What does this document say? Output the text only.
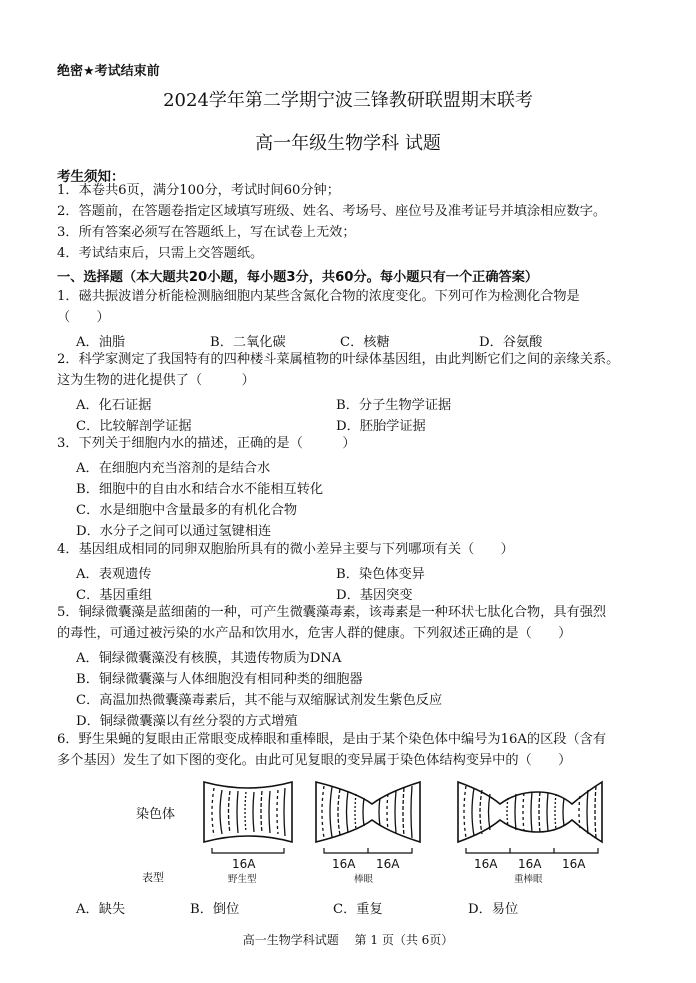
绝密★考试结束前
2024学年第二学期宁波三锋教研联盟期末联考
高一年级生物学科 试题
考生须知：
1．本卷共6页，满分100分，考试时间60分钟；
2．答题前，在答题卷指定区域填写班级、姓名、考场号、座位号及准考证号并填涂相应数字。
3．所有答案必须写在答题纸上，写在试卷上无效；
4．考试结束后，只需上交答题纸。
一、选择题（本大题共20小题，每小题3分，共60分。每小题只有一个正确答案）
1．磁共振波谱分析能检测脑细胞内某些含氮化合物的浓度变化。下列可作为检测化合物是
（　　）
A．油脂	B．二氧化碳	C．核糖	D．谷氨酸
2．科学家测定了我国特有的四种楼斗菜属植物的叶绿体基因组，由此判断它们之间的亲缘关系。
这为生物的进化提供了（　　　）
A．化石证据	B．分子生物学证据
C．比较解剖学证据	D．胚胎学证据
3．下列关于细胞内水的描述，正确的是（　　　）
A．在细胞内充当溶剂的是结合水
B．细胞中的自由水和结合水不能相互转化
C．水是细胞中含量最多的有机化合物
D．水分子之间可以通过氢键相连
4．基因组成相同的同卵双胞胎所具有的微小差异主要与下列哪项有关（　　）
A．表观遗传	B．染色体变异
C．基因重组	D．基因突变
5．铜绿微囊藻是蓝细菌的一种，可产生微囊藻毒素，该毒素是一种环状七肽化合物，具有强烈
的毒性，可通过被污染的水产品和饮用水，危害人群的健康。下列叙述正确的是（　　）
A．铜绿微囊藻没有核膜，其遗传物质为DNA
B．铜绿微囊藻与人体细胞没有相同种类的细胞器
C．高温加热微囊藻毒素后，其不能与双缩脲试剂发生紫色反应
D．铜绿微囊藻以有丝分裂的方式增殖
6．野生果蝇的复眼由正常眼变成棒眼和重棒眼，是由于某个染色体中编号为16A的区段（含有
多个基因）发生了如下图的变化。由此可见复眼的变异属于染色体结构变异中的（　　）
染色体
表型
16A	16A 16A	16A 16A 16A
野生型	棒眼	重棒眼
A．缺失	B．倒位	C．重复	D．易位
高一生物学科试题　 第 1 页（共 6页）
